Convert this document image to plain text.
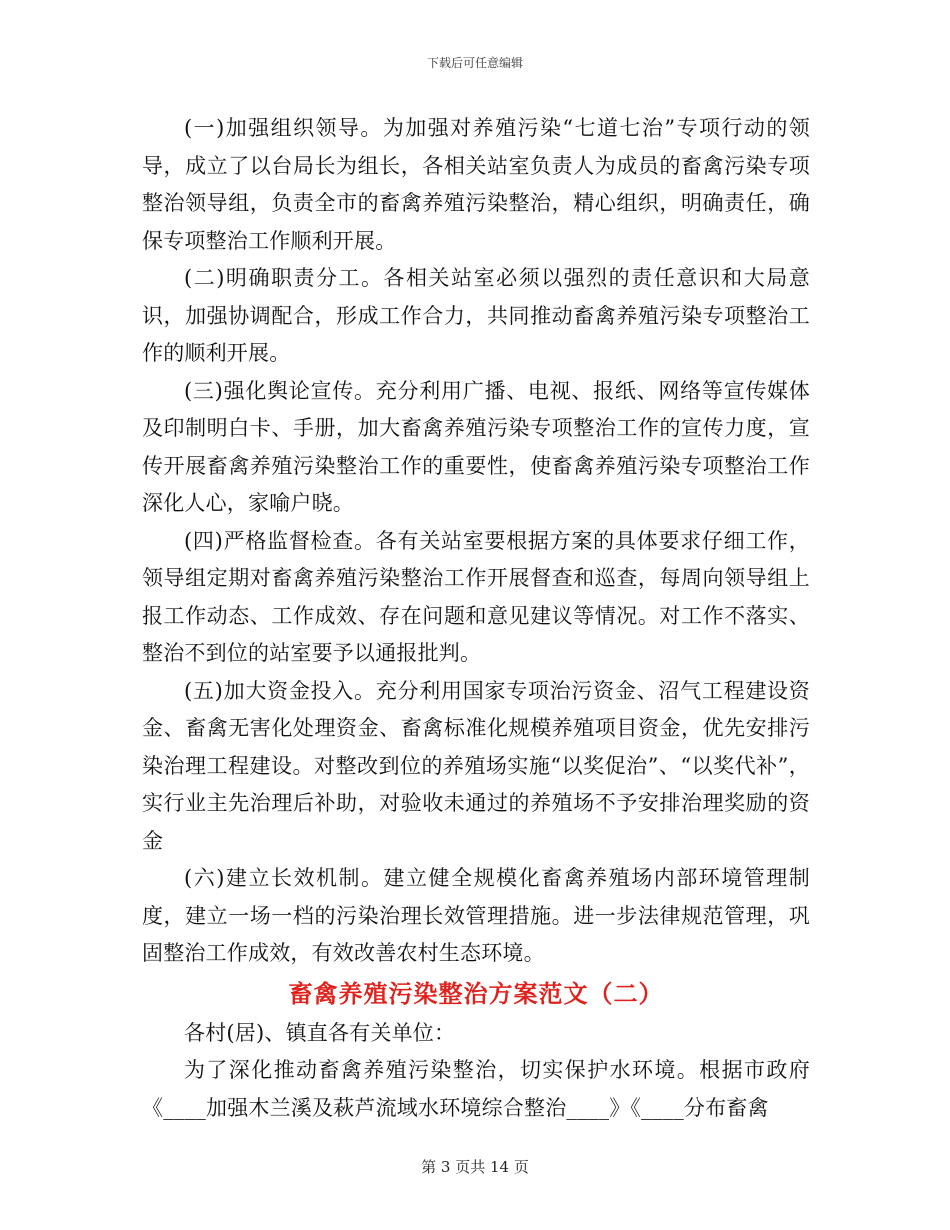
下载后可任意编辑

(一)加强组织领导。为加强对养殖污染“七道七治”专项行动的领导，成立了以台局长为组长，各相关站室负责人为成员的畜禽污染专项整治领导组，负责全市的畜禽养殖污染整治，精心组织，明确责任，确保专项整治工作顺利开展。

(二)明确职责分工。各相关站室必须以强烈的责任意识和大局意识，加强协调配合，形成工作合力，共同推动畜禽养殖污染专项整治工作的顺利开展。

(三)强化舆论宣传。充分利用广播、电视、报纸、网络等宣传媒体及印制明白卡、手册，加大畜禽养殖污染专项整治工作的宣传力度，宣传开展畜禽养殖污染整治工作的重要性，使畜禽养殖污染专项整治工作深化人心，家喻户晓。

(四)严格监督检查。各有关站室要根据方案的具体要求仔细工作，领导组定期对畜禽养殖污染整治工作开展督查和巡查，每周向领导组上报工作动态、工作成效、存在问题和意见建议等情况。对工作不落实、整治不到位的站室要予以通报批判。

(五)加大资金投入。充分利用国家专项治污资金、沼气工程建设资金、畜禽无害化处理资金、畜禽标准化规模养殖项目资金，优先安排污染治理工程建设。对整改到位的养殖场实施“以奖促治”、“以奖代补”，实行业主先治理后补助，对验收未通过的养殖场不予安排治理奖励的资金

(六)建立长效机制。建立健全规模化畜禽养殖场内部环境管理制度，建立一场一档的污染治理长效管理措施。进一步法律规范管理，巩固整治工作成效，有效改善农村生态环境。

畜禽养殖污染整治方案范文（二）

各村(居)、镇直各有关单位：

为了深化推动畜禽养殖污染整治，切实保护水环境。根据市政府《____加强木兰溪及萩芦流域水环境综合整治____》《____分布畜禽

第 3 页共 14 页
